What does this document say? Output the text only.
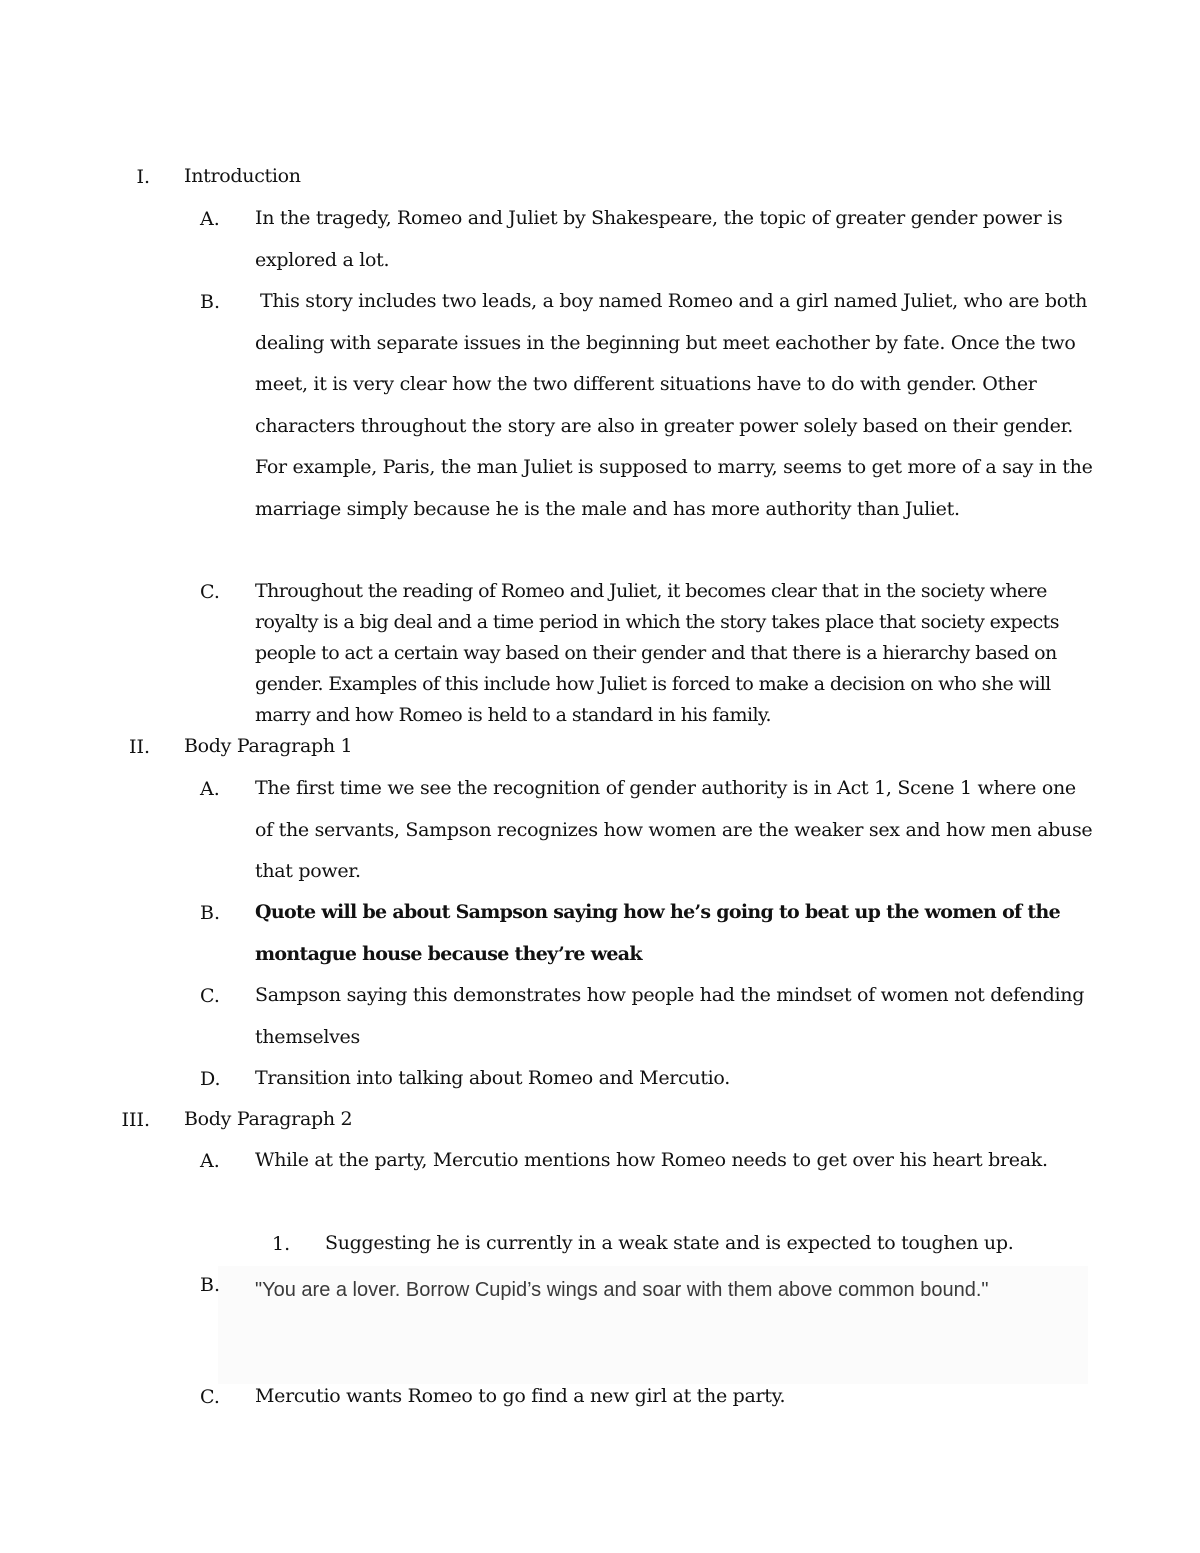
I. Introduction
A. In the tragedy, Romeo and Juliet by Shakespeare, the topic of greater gender power is explored a lot.
B. This story includes two leads, a boy named Romeo and a girl named Juliet, who are both dealing with separate issues in the beginning but meet eachother by fate. Once the two meet, it is very clear how the two different situations have to do with gender. Other characters throughout the story are also in greater power solely based on their gender. For example, Paris, the man Juliet is supposed to marry, seems to get more of a say in the marriage simply because he is the male and has more authority than Juliet.
C. Throughout the reading of Romeo and Juliet, it becomes clear that in the society where royalty is a big deal and a time period in which the story takes place that society expects people to act a certain way based on their gender and that there is a hierarchy based on gender. Examples of this include how Juliet is forced to make a decision on who she will marry and how Romeo is held to a standard in his family.
II. Body Paragraph 1
A. The first time we see the recognition of gender authority is in Act 1, Scene 1 where one of the servants, Sampson recognizes how women are the weaker sex and how men abuse that power.
B. Quote will be about Sampson saying how he’s going to beat up the women of the montague house because they’re weak
C. Sampson saying this demonstrates how people had the mindset of women not defending themselves
D. Transition into talking about Romeo and Mercutio.
III. Body Paragraph 2
A. While at the party, Mercutio mentions how Romeo needs to get over his heart break.
1. Suggesting he is currently in a weak state and is expected to toughen up.
B. "You are a lover. Borrow Cupid’s wings and soar with them above common bound."
C. Mercutio wants Romeo to go find a new girl at the party.
